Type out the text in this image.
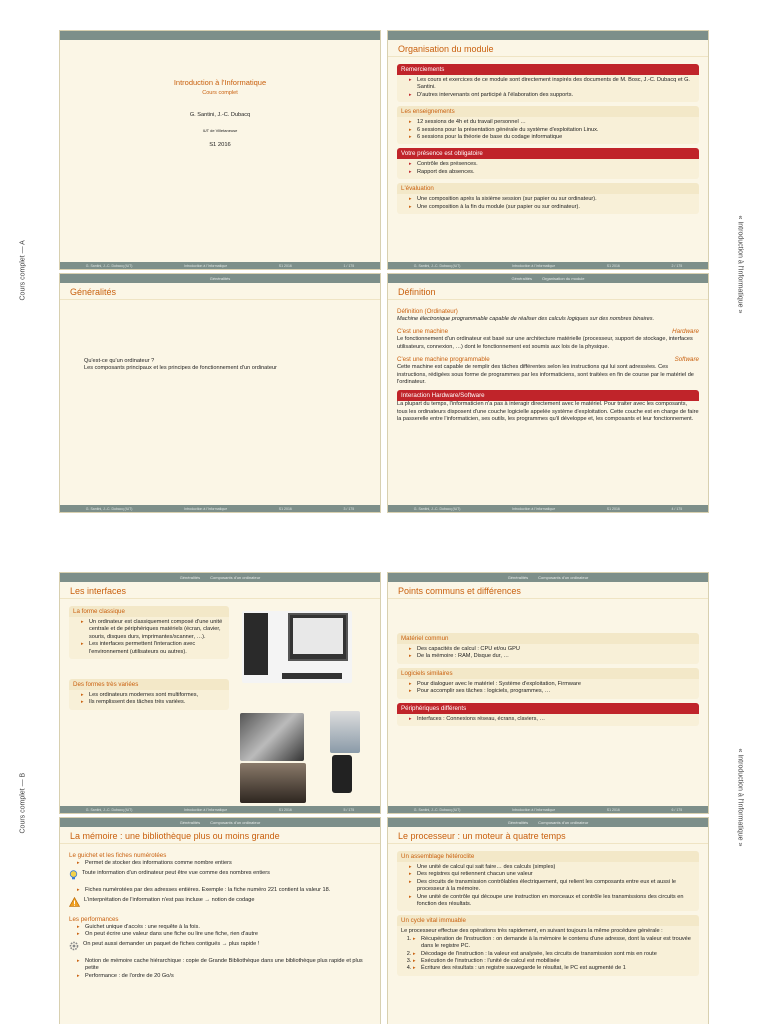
Cours complet — A
Cours complet — B
« Introduction à l'Informatique »
« Introduction à l'Informatique »
Introduction à l'Informatique
Cours complet
G. Santini, J.-C. Dubacq
IUT de Villetaneuse
S1 2016
G. Santini, J.-C. Dubacq (IUT)	Introduction à l'Informatique	S1 2016	1 / 175
Organisation du module
Remerciements
▸ Les cours et exercices de ce module sont directement inspirés des documents de M. Bosc, J.-C. Dubacq et G. Santini.
▸ D'autres intervenants ont participé à l'élaboration des supports.
Les enseignements
▸ 12 sessions de 4h et du travail personnel …
▸ 6 sessions pour la présentation générale du système d'exploitation Linux.
▸ 6 sessions pour la théorie de base du codage informatique
Votre présence est obligatoire
▸ Contrôle des présences.
▸ Rapport des absences.
L'évaluation
▸ Une composition après la sixième session (sur papier ou sur ordinateur).
▸ Une composition à la fin du module (sur papier ou sur ordinateur).
G. Santini, J.-C. Dubacq (IUT)	Introduction à l'Informatique	S1 2016	2 / 175
Généralités
Généralités
Qu'est-ce qu'un ordinateur ?
Les composants principaux et les principes de fonctionnement d'un ordinateur
G. Santini, J.-C. Dubacq (IUT)	Introduction à l'Informatique	S1 2016	3 / 175
Généralités	Organisation du module
Définition
Définition (Ordinateur)
Machine électronique programmable capable de réaliser des calculs logiques sur des nombres binaires.
C'est une machine	Hardware
Le fonctionnement d'un ordinateur est basé sur une architecture matérielle (processeur, support de stockage, interfaces utilisateurs, connexion, …) dont le fonctionnement est soumis aux lois de la physique.
C'est une machine programmable	Software
Cette machine est capable de remplir des tâches différentes selon les instructions qui lui sont adressées. Ces instructions, rédigées sous forme de programmes par les informaticiens, sont traitées en fin de course par le matériel de l'ordinateur.
Interaction Hardware/Software
La plupart du temps, l'informaticien n'a pas à interagir directement avec le matériel. Pour traiter avec les composants, tous les ordinateurs disposent d'une couche logicielle appelée système d'exploitation. Cette couche est en charge de faire la passerelle entre l'informaticien, ses outils, les programmes qu'il développe et, les composants et leur fonctionnement.
G. Santini, J.-C. Dubacq (IUT)	Introduction à l'Informatique	S1 2016	4 / 175
Généralités	Composants d'un ordinateur
Les interfaces
La forme classique
▸ Un ordinateur est classiquement composé d'une unité centrale et de périphériques matériels (écran, clavier, souris, disques durs, imprimantes/scanner, …).
▸ Les interfaces permettent l'interaction avec l'environnement (utilisateurs ou autres).
Des formes très variées
▸ Les ordinateurs modernes sont multiformes,
▸ Ils remplissent des tâches très variées.
G. Santini, J.-C. Dubacq (IUT)	Introduction à l'Informatique	S1 2016	5 / 175
Généralités	Composants d'un ordinateur
Points communs et différences
Matériel commun
▸ Des capacités de calcul : CPU et/ou GPU
▸ De la mémoire : RAM, Disque dur, …
Logiciels similaires
▸ Pour dialoguer avec le matériel : Système d'exploitation, Firmware
▸ Pour accomplir ses tâches : logiciels, programmes, …
Périphériques différents
▸ Interfaces : Connexions réseau, écrans, claviers, …
G. Santini, J.-C. Dubacq (IUT)	Introduction à l'Informatique	S1 2016	6 / 175
Généralités	Composants d'un ordinateur
La mémoire : une bibliothèque plus ou moins grande
Le guichet et les fiches numérotées
▸ Permet de stocker des informations comme nombre entiers
Toute information d'un ordinateur peut être vue comme des nombres entiers
▸ Fiches numérotées par des adresses entières. Exemple : la fiche numéro 221 contient la valeur 18.
L'interprétation de l'information n'est pas incluse → notion de codage
Les performances
▸ Guichet unique d'accès : une requête à la fois.
▸ On peut écrire une valeur dans une fiche ou lire une fiche, rien d'autre
On peut aussi demander un paquet de fiches contiguës → plus rapide !
▸ Notion de mémoire cache hiérarchique : copie de Grande Bibliothèque dans une bibliothèque plus rapide et plus petite
▸ Performance : de l'ordre de 20 Go/s
Généralités	Composants d'un ordinateur
Le processeur : un moteur à quatre temps
Un assemblage hétéroclite
▸ Une unité de calcul qui sait faire… des calculs (simples)
▸ Des registres qui retiennent chacun une valeur
▸ Des circuits de transmission contrôlables électriquement, qui relient les composants entre eux et aussi le processeur à la mémoire.
▸ Une unité de contrôle qui découpe une instruction en morceaux et contrôle les transmissions des circuits en fonction des résultats.
Un cycle vital immuable
Le processeur effectue des opérations très rapidement, en suivant toujours la même procédure générale :
▸ 1. Récupération de l'instruction : on demande à la mémoire le contenu d'une adresse, dont la valeur est trouvée dans le registre PC.
▸ 2. Décodage de l'instruction : la valeur est analysée, les circuits de transmission sont mis en route
▸ 3. Exécution de l'instruction : l'unité de calcul est mobilisée
▸ 4. Écriture des résultats : un registre sauvegarde le résultat, le PC est augmenté de 1
